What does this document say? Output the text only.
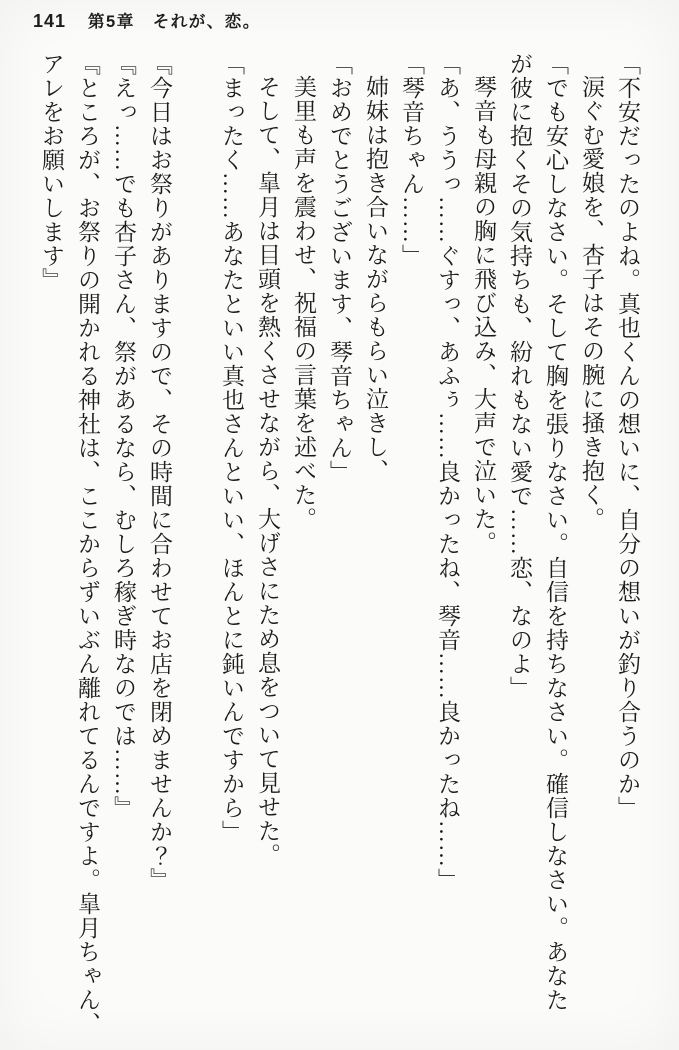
141 第5章　それが、恋。
「不安だったのよね。真也くんの想いに、自分の想いが釣り合うのか」
涙ぐむ愛娘を、杏子はその腕に掻き抱く。
「でも安心しなさい。そして胸を張りなさい。自信を持ちなさい。確信しなさい。あなた
が彼に抱くその気持ちも、紛れもない愛で……恋、なのよ」
琴音も母親の胸に飛び込み、大声で泣いた。
「あ、ううっ……ぐすっ、あふぅ……良かったね、琴音……良かったね……」
「琴音ちゃん……」
姉妹は抱き合いながらもらい泣きし、
「おめでとうございます、琴音ちゃん」
美里も声を震わせ、祝福の言葉を述べた。
そして、皐月は目頭を熱くさせながら、大げさにため息をついて見せた。
「まったく……あなたといい真也さんといい、ほんとに鈍いんですから」

『今日はお祭りがありますので、その時間に合わせてお店を閉めませんか？』
『えっ……でも杏子さん、祭があるなら、むしろ稼ぎ時なのでは……』
『ところが、お祭りの開かれる神社は、ここからずいぶん離れてるんですよ。皐月ちゃん、
アレをお願いします』
